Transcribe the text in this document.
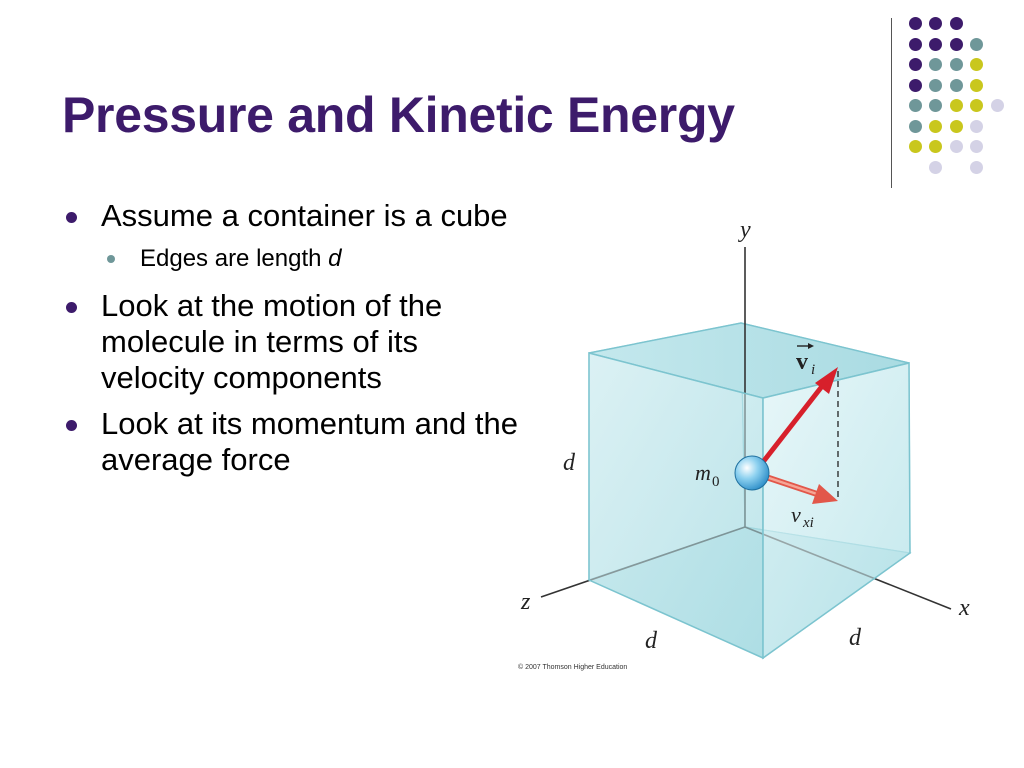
Pressure and Kinetic Energy
Assume a container is a cube
Edges are length d
Look at the motion of the molecule in terms of its velocity components
Look at its momentum and the average force
y
x
z
d
d	d
m 0
v i
v xi
© 2007 Thomson Higher Education
